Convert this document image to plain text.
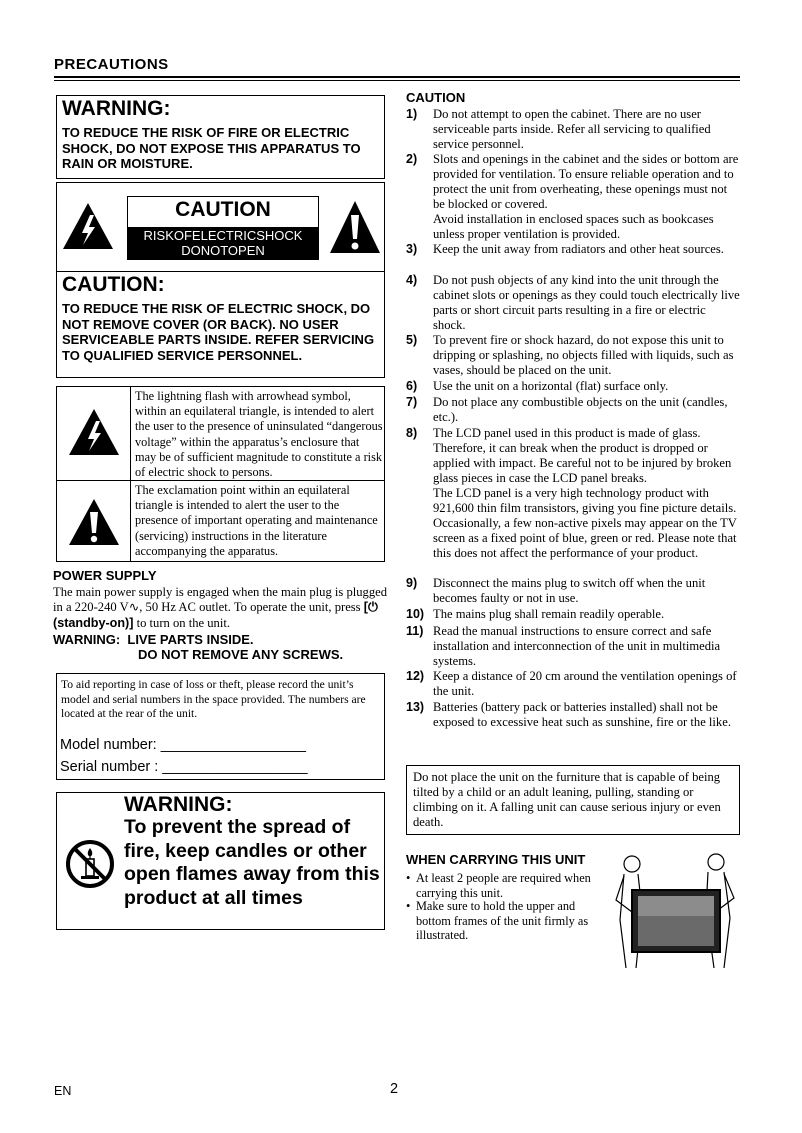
PRECAUTIONS
WARNING:
TO REDUCE THE RISK OF FIRE OR ELECTRIC SHOCK, DO NOT EXPOSE THIS APPARATUS TO RAIN OR MOISTURE.
CAUTION
RISKOFELECTRICSHOCK
DONOTOPEN
CAUTION:
TO REDUCE THE RISK OF ELECTRIC SHOCK, DO NOT REMOVE COVER (OR BACK). NO USER SERVICEABLE PARTS INSIDE. REFER SERVICING TO QUALIFIED SERVICE PERSONNEL.
The lightning flash with arrowhead symbol, within an equilateral triangle, is intended to alert the user to the presence of uninsulated “dangerous voltage” within the apparatus’s enclosure that may be of sufficient magnitude to constitute a risk of electric shock to persons.
The exclamation point within an equilateral triangle is intended to alert the user to the presence of important operating and maintenance (servicing) instructions in the literature accompanying the apparatus.
POWER SUPPLY
The main power supply is engaged when the main plug is plugged in a 220-240 V∿, 50 Hz AC outlet. To operate the unit, press [⏻ (standby-on)] to turn on the unit.
WARNING:  LIVE PARTS INSIDE.
DO NOT REMOVE ANY SCREWS.
To aid reporting in case of loss or theft, please record the unit’s model and serial numbers in the space provided. The numbers are located at the rear of the unit.
Model number: __________________
Serial number : __________________
WARNING:
To prevent the spread of fire, keep candles or other open flames away from this product at all times
CAUTION
1) Do not attempt to open the cabinet. There are no user serviceable parts inside. Refer all servicing to qualified service personnel.
2) Slots and openings in the cabinet and the sides or bottom are provided for ventilation. To ensure reliable operation and to protect the unit from overheating, these openings must not be blocked or covered.
Avoid installation in enclosed spaces such as bookcases unless proper ventilation is provided.
3) Keep the unit away from radiators and other heat sources.
4) Do not push objects of any kind into the unit through the cabinet slots or openings as they could touch electrically live parts or short circuit parts resulting in a fire or electric shock.
5) To prevent fire or shock hazard, do not expose this unit to dripping or splashing, no objects filled with liquids, such as vases, should be placed on the unit.
6) Use the unit on a horizontal (flat) surface only.
7) Do not place any combustible objects on the unit (candles, etc.).
8) The LCD panel used in this product is made of glass. Therefore, it can break when the product is dropped or applied with impact. Be careful not to be injured by broken glass pieces in case the LCD panel breaks.
The LCD panel is a very high technology product with 921,600 thin film transistors, giving you fine picture details. Occasionally, a few non-active pixels may appear on the TV screen as a fixed point of blue, green or red. Please note that this does not affect the performance of your product.
9) Disconnect the mains plug to switch off when the unit becomes faulty or not in use.
10) The mains plug shall remain readily operable.
11) Read the manual instructions to ensure correct and safe installation and interconnection of the unit in multimedia systems.
12) Keep a distance of 20 cm around the ventilation openings of the unit.
13) Batteries (battery pack or batteries installed) shall not be exposed to excessive heat such as sunshine, fire or the like.
Do not place the unit on the furniture that is capable of being tilted by a child or an adult leaning, pulling, standing or climbing on it. A falling unit can cause serious injury or even death.
WHEN CARRYING THIS UNIT
• At least 2 people are required when carrying this unit.
• Make sure to hold the upper and bottom frames of the unit firmly as illustrated.
EN	2
